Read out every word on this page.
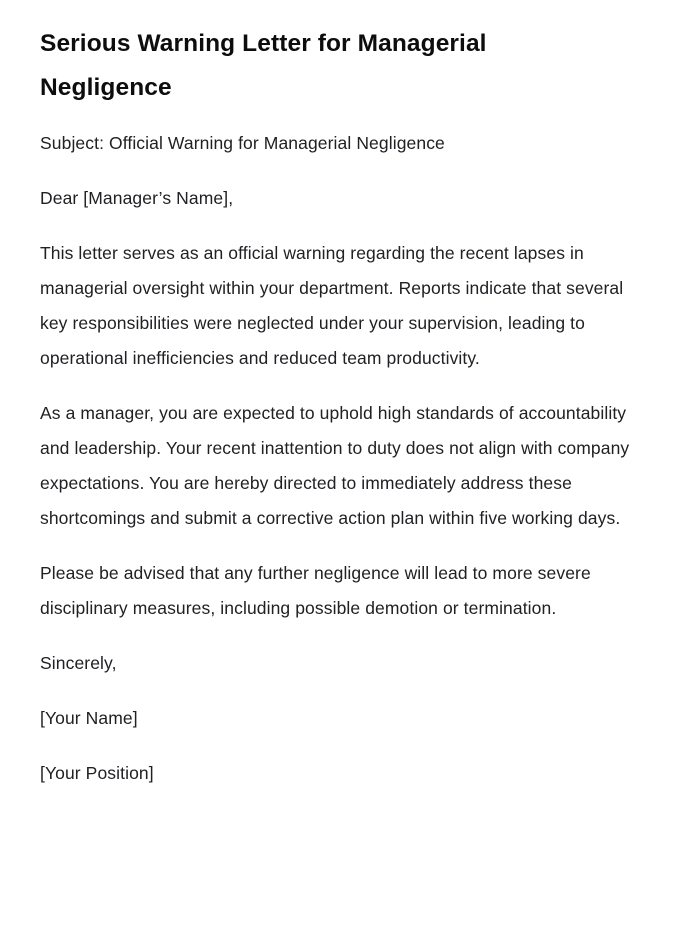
Serious Warning Letter for Managerial Negligence

Subject: Official Warning for Managerial Negligence

Dear [Manager’s Name],

This letter serves as an official warning regarding the recent lapses in managerial oversight within your department. Reports indicate that several key responsibilities were neglected under your supervision, leading to operational inefficiencies and reduced team productivity.

As a manager, you are expected to uphold high standards of accountability and leadership. Your recent inattention to duty does not align with company expectations. You are hereby directed to immediately address these shortcomings and submit a corrective action plan within five working days.

Please be advised that any further negligence will lead to more severe disciplinary measures, including possible demotion or termination.

Sincerely,

[Your Name]

[Your Position]
